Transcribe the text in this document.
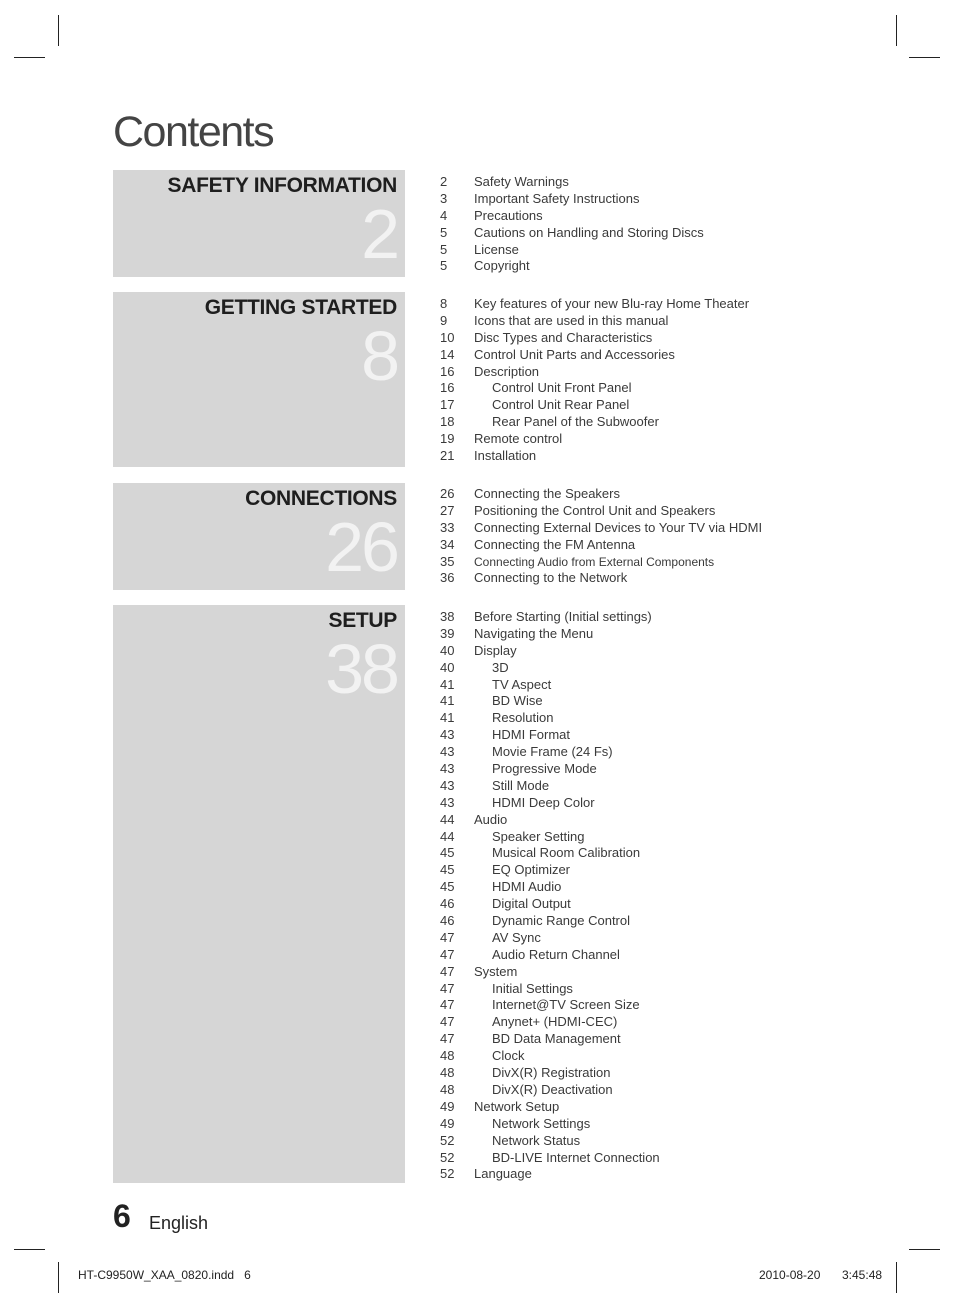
Contents
SAFETY INFORMATION
2
2 Safety Warnings
3 Important Safety Instructions
4 Precautions
5 Cautions on Handling and Storing Discs
5 License
5 Copyright
GETTING STARTED
8
8 Key features of your new Blu-ray Home Theater
9 Icons that are used in this manual
10 Disc Types and Characteristics
14 Control Unit Parts and Accessories
16 Description
16	Control Unit Front Panel
17	Control Unit Rear Panel
18	Rear Panel of the Subwoofer
19 Remote control
21 Installation
CONNECTIONS
26
26 Connecting the Speakers
27 Positioning the Control Unit and Speakers
33 Connecting External Devices to Your TV via HDMI
34 Connecting the FM Antenna
35 Connecting Audio from External Components
36 Connecting to the Network
SETUP
38
38 Before Starting (Initial settings)
39 Navigating the Menu
40 Display
40	3D
41	TV Aspect
41	BD Wise
41	Resolution
43	HDMI Format
43	Movie Frame (24 Fs)
43	Progressive Mode
43	Still Mode
43	HDMI Deep Color
44 Audio
44	Speaker Setting
45	Musical Room Calibration
45	EQ Optimizer
45	HDMI Audio
46	Digital Output
46	Dynamic Range Control
47	AV Sync
47	Audio Return Channel
47 System
47	Initial Settings
47	Internet@TV Screen Size
47	Anynet+ (HDMI-CEC)
47	BD Data Management
48	Clock
48	DivX(R) Registration
48	DivX(R) Deactivation
49 Network Setup
49	Network Settings
52	Network Status
52	BD-LIVE Internet Connection
52 Language
6 English
HT-C9950W_XAA_0820.indd   6	2010-08-20 3:45:48
